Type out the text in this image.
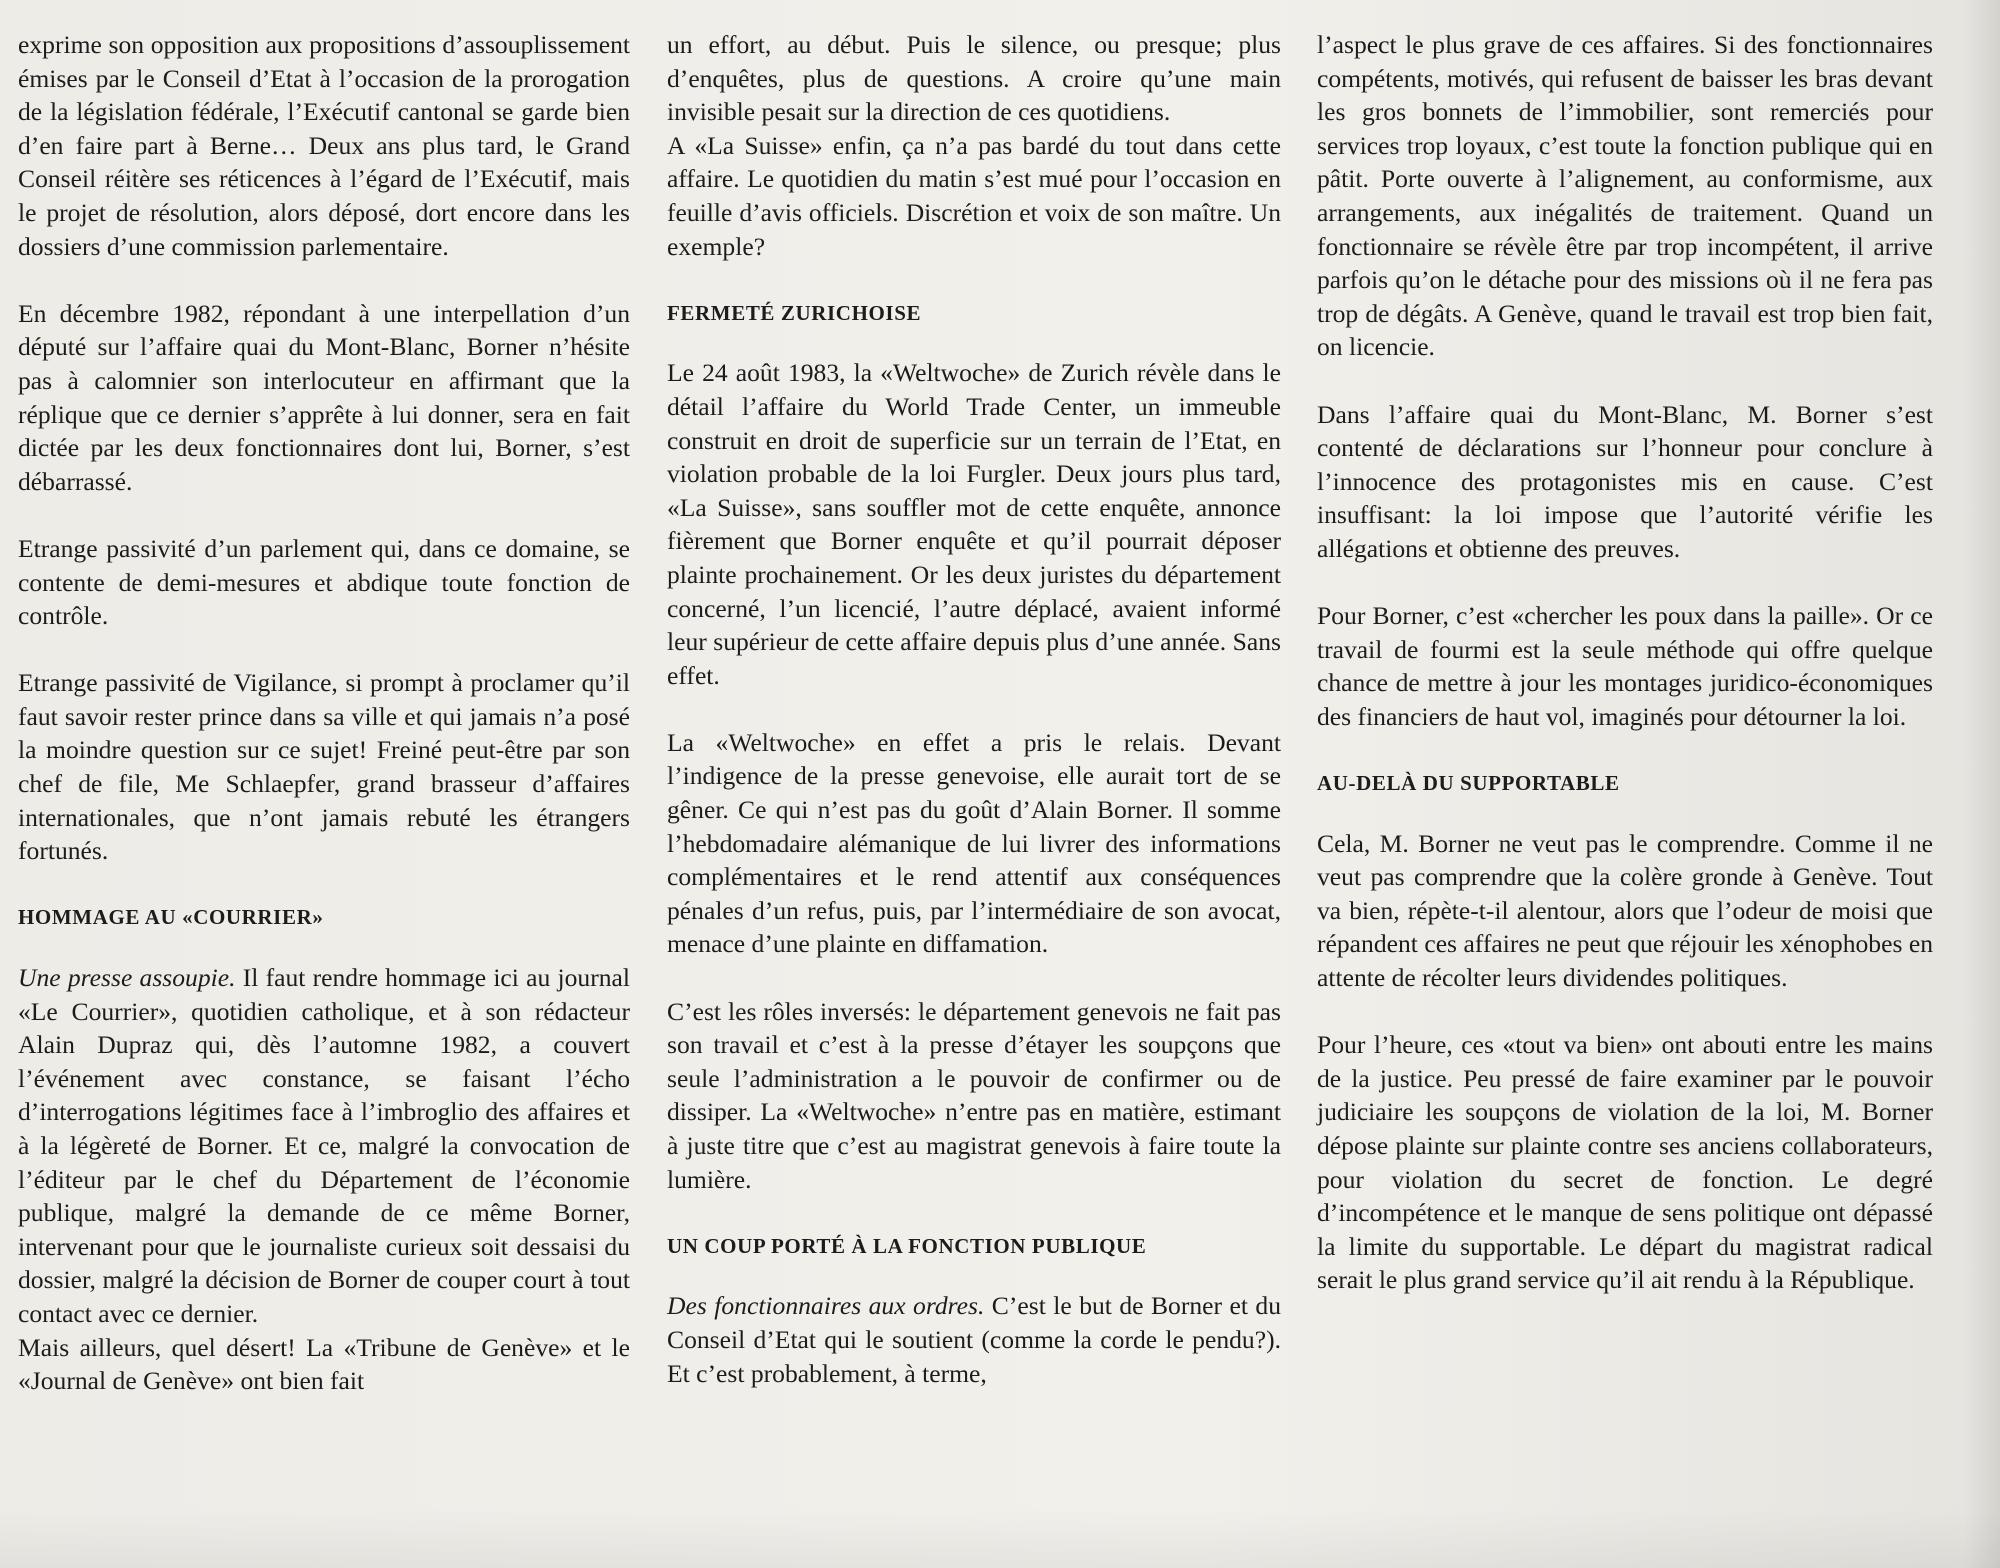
exprime son opposition aux propositions d’assouplissement émises par le Conseil d’Etat à l’occasion de la prorogation de la législation fédérale, l’Exécutif cantonal se garde bien d’en faire part à Berne… Deux ans plus tard, le Grand Conseil réitère ses réticences à l’égard de l’Exécutif, mais le projet de résolution, alors déposé, dort encore dans les dossiers d’une commission parlementaire.

En décembre 1982, répondant à une interpellation d’un député sur l’affaire quai du Mont-Blanc, Borner n’hésite pas à calomnier son interlocuteur en affirmant que la réplique que ce dernier s’apprête à lui donner, sera en fait dictée par les deux fonctionnaires dont lui, Borner, s’est débarrassé.

Etrange passivité d’un parlement qui, dans ce domaine, se contente de demi-mesures et abdique toute fonction de contrôle.

Etrange passivité de Vigilance, si prompt à proclamer qu’il faut savoir rester prince dans sa ville et qui jamais n’a posé la moindre question sur ce sujet! Freiné peut-être par son chef de file, Me Schlaepfer, grand brasseur d’affaires internationales, que n’ont jamais rebuté les étrangers fortunés.

HOMMAGE AU «COURRIER»

Une presse assoupie. Il faut rendre hommage ici au journal «Le Courrier», quotidien catholique, et à son rédacteur Alain Dupraz qui, dès l’automne 1982, a couvert l’événement avec constance, se faisant l’écho d’interrogations légitimes face à l’imbroglio des affaires et à la légèreté de Borner. Et ce, malgré la convocation de l’éditeur par le chef du Département de l’économie publique, malgré la demande de ce même Borner, intervenant pour que le journaliste curieux soit dessaisi du dossier, malgré la décision de Borner de couper court à tout contact avec ce dernier.

Mais ailleurs, quel désert! La «Tribune de Genève» et le «Journal de Genève» ont bien fait

un effort, au début. Puis le silence, ou presque; plus d’enquêtes, plus de questions. A croire qu’une main invisible pesait sur la direction de ces quotidiens.

A «La Suisse» enfin, ça n’a pas bardé du tout dans cette affaire. Le quotidien du matin s’est mué pour l’occasion en feuille d’avis officiels. Discrétion et voix de son maître. Un exemple?

FERMETÉ ZURICHOISE

Le 24 août 1983, la «Weltwoche» de Zurich révèle dans le détail l’affaire du World Trade Center, un immeuble construit en droit de superficie sur un terrain de l’Etat, en violation probable de la loi Furgler. Deux jours plus tard, «La Suisse», sans souffler mot de cette enquête, annonce fièrement que Borner enquête et qu’il pourrait déposer plainte prochainement. Or les deux juristes du département concerné, l’un licencié, l’autre déplacé, avaient informé leur supérieur de cette affaire depuis plus d’une année. Sans effet.

La «Weltwoche» en effet a pris le relais. Devant l’indigence de la presse genevoise, elle aurait tort de se gêner. Ce qui n’est pas du goût d’Alain Borner. Il somme l’hebdomadaire alémanique de lui livrer des informations complémentaires et le rend attentif aux conséquences pénales d’un refus, puis, par l’intermédiaire de son avocat, menace d’une plainte en diffamation.

C’est les rôles inversés: le département genevois ne fait pas son travail et c’est à la presse d’étayer les soupçons que seule l’administration a le pouvoir de confirmer ou de dissiper. La «Weltwoche» n’entre pas en matière, estimant à juste titre que c’est au magistrat genevois à faire toute la lumière.

UN COUP PORTÉ À LA FONCTION PUBLIQUE

Des fonctionnaires aux ordres. C’est le but de Borner et du Conseil d’Etat qui le soutient (comme la corde le pendu?). Et c’est probablement, à terme,

l’aspect le plus grave de ces affaires. Si des fonctionnaires compétents, motivés, qui refusent de baisser les bras devant les gros bonnets de l’immobilier, sont remerciés pour services trop loyaux, c’est toute la fonction publique qui en pâtit. Porte ouverte à l’alignement, au conformisme, aux arrangements, aux inégalités de traitement. Quand un fonctionnaire se révèle être par trop incompétent, il arrive parfois qu’on le détache pour des missions où il ne fera pas trop de dégâts. A Genève, quand le travail est trop bien fait, on licencie.

Dans l’affaire quai du Mont-Blanc, M. Borner s’est contenté de déclarations sur l’honneur pour conclure à l’innocence des protagonistes mis en cause. C’est insuffisant: la loi impose que l’autorité vérifie les allégations et obtienne des preuves.

Pour Borner, c’est «chercher les poux dans la paille». Or ce travail de fourmi est la seule méthode qui offre quelque chance de mettre à jour les montages juridico-économiques des financiers de haut vol, imaginés pour détourner la loi.

AU-DELÀ DU SUPPORTABLE

Cela, M. Borner ne veut pas le comprendre. Comme il ne veut pas comprendre que la colère gronde à Genève. Tout va bien, répète-t-il alentour, alors que l’odeur de moisi que répandent ces affaires ne peut que réjouir les xénophobes en attente de récolter leurs dividendes politiques.

Pour l’heure, ces «tout va bien» ont abouti entre les mains de la justice. Peu pressé de faire examiner par le pouvoir judiciaire les soupçons de violation de la loi, M. Borner dépose plainte sur plainte contre ses anciens collaborateurs, pour violation du secret de fonction. Le degré d’incompétence et le manque de sens politique ont dépassé la limite du supportable. Le départ du magistrat radical serait le plus grand service qu’il ait rendu à la République.
